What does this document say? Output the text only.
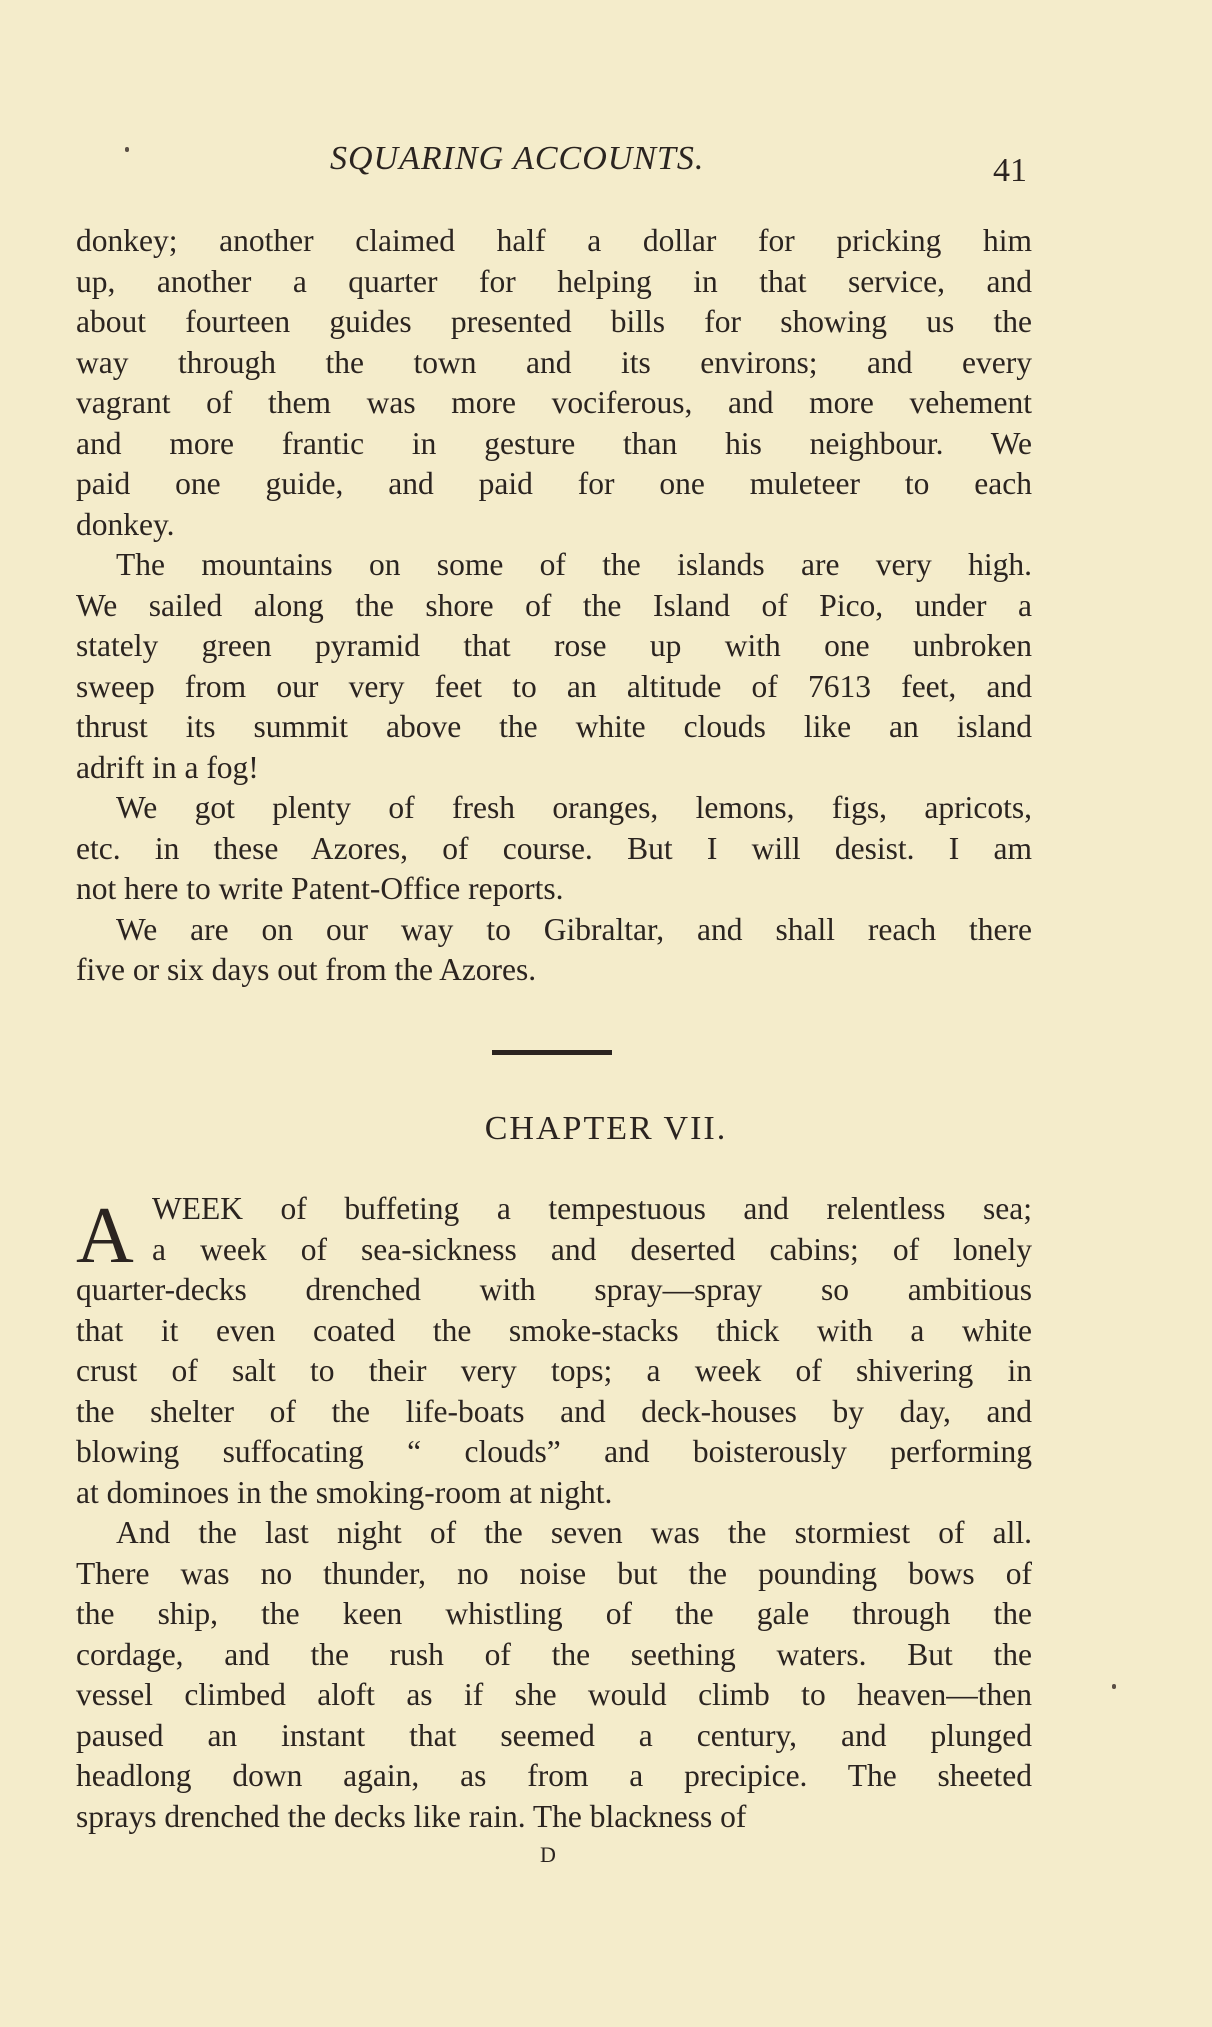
SQUARING ACCOUNTS.	41
donkey; another claimed half a dollar for pricking him
up, another a quarter for helping in that service, and
about fourteen guides presented bills for showing us the
way through the town and its environs; and every
vagrant of them was more vociferous, and more vehement
and more frantic in gesture than his neighbour. We
paid one guide, and paid for one muleteer to each
donkey.
The mountains on some of the islands are very high.
We sailed along the shore of the Island of Pico, under a
stately green pyramid that rose up with one unbroken
sweep from our very feet to an altitude of 7613 feet, and
thrust its summit above the white clouds like an island
adrift in a fog!
We got plenty of fresh oranges, lemons, figs, apricots,
etc. in these Azores, of course. But I will desist. I am
not here to write Patent-Office reports.
We are on our way to Gibraltar, and shall reach there
five or six days out from the Azores.
CHAPTER VII.
A WEEK of buffeting a tempestuous and relentless sea;
a week of sea-sickness and deserted cabins; of lonely
quarter-decks drenched with spray—spray so ambitious
that it even coated the smoke-stacks thick with a white
crust of salt to their very tops; a week of shivering in
the shelter of the life-boats and deck-houses by day, and
blowing suffocating “ clouds” and boisterously performing
at dominoes in the smoking-room at night.
And the last night of the seven was the stormiest of all.
There was no thunder, no noise but the pounding bows of
the ship, the keen whistling of the gale through the
cordage, and the rush of the seething waters. But the
vessel climbed aloft as if she would climb to heaven—then
paused an instant that seemed a century, and plunged
headlong down again, as from a precipice. The sheeted
sprays drenched the decks like rain. The blackness of
D
